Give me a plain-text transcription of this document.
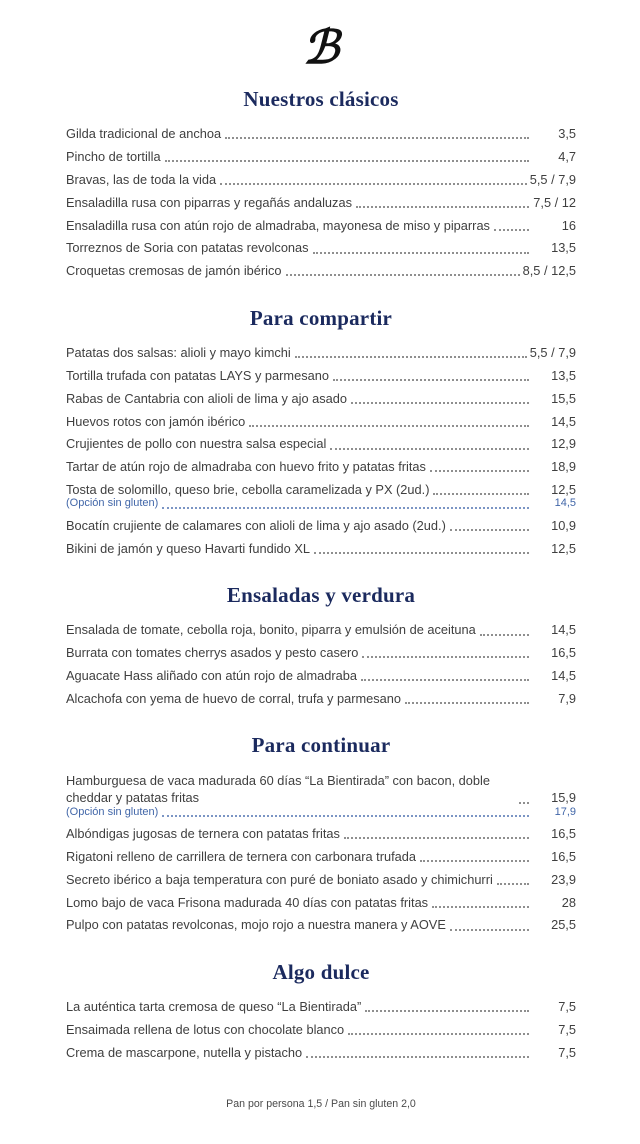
ℬ
Nuestros clásicos
Gilda tradicional de anchoa	3,5
Pincho de tortilla	4,7
Bravas, las de toda la vida	5,5 / 7,9
Ensaladilla rusa con piparras y regañás andaluzas	7,5 / 12
Ensaladilla rusa con atún rojo de almadraba, mayonesa de miso y piparras	16
Torreznos de Soria con patatas revolconas	13,5
Croquetas cremosas de jamón ibérico	8,5 / 12,5
Para compartir
Patatas dos salsas: alioli y mayo kimchi	5,5 / 7,9
Tortilla trufada con patatas LAYS y parmesano	13,5
Rabas de Cantabria con alioli de lima y ajo asado	15,5
Huevos rotos con jamón ibérico	14,5
Crujientes de pollo con nuestra salsa especial	12,9
Tartar de atún rojo de almadraba con huevo frito y patatas fritas	18,9
Tosta de solomillo, queso brie, cebolla caramelizada y PX (2ud.)	12,5
(Opción sin gluten)	14,5
Bocatín crujiente de calamares con alioli de lima y ajo asado (2ud.)	10,9
Bikini de jamón y queso Havarti fundido XL	12,5
Ensaladas y verdura
Ensalada de tomate, cebolla roja, bonito, piparra y emulsión de aceituna	14,5
Burrata con tomates cherrys asados y pesto casero	16,5
Aguacate Hass aliñado con atún rojo de almadraba	14,5
Alcachofa con yema de huevo de corral, trufa y parmesano	7,9
Para continuar
Hamburguesa de vaca madurada 60 días “La Bientirada” con bacon, doble cheddar y patatas fritas	15,9
(Opción sin gluten)	17,9
Albóndigas jugosas de ternera con patatas fritas	16,5
Rigatoni relleno de carrillera de ternera con carbonara trufada	16,5
Secreto ibérico a baja temperatura con puré de boniato asado y chimichurri	23,9
Lomo bajo de vaca Frisona madurada 40 días con patatas fritas	28
Pulpo con patatas revolconas, mojo rojo a nuestra manera y AOVE	25,5
Algo dulce
La auténtica tarta cremosa de queso “La Bientirada”	7,5
Ensaimada rellena de lotus con chocolate blanco	7,5
Crema de mascarpone, nutella y pistacho	7,5
Pan por persona 1,5 / Pan sin gluten 2,0
